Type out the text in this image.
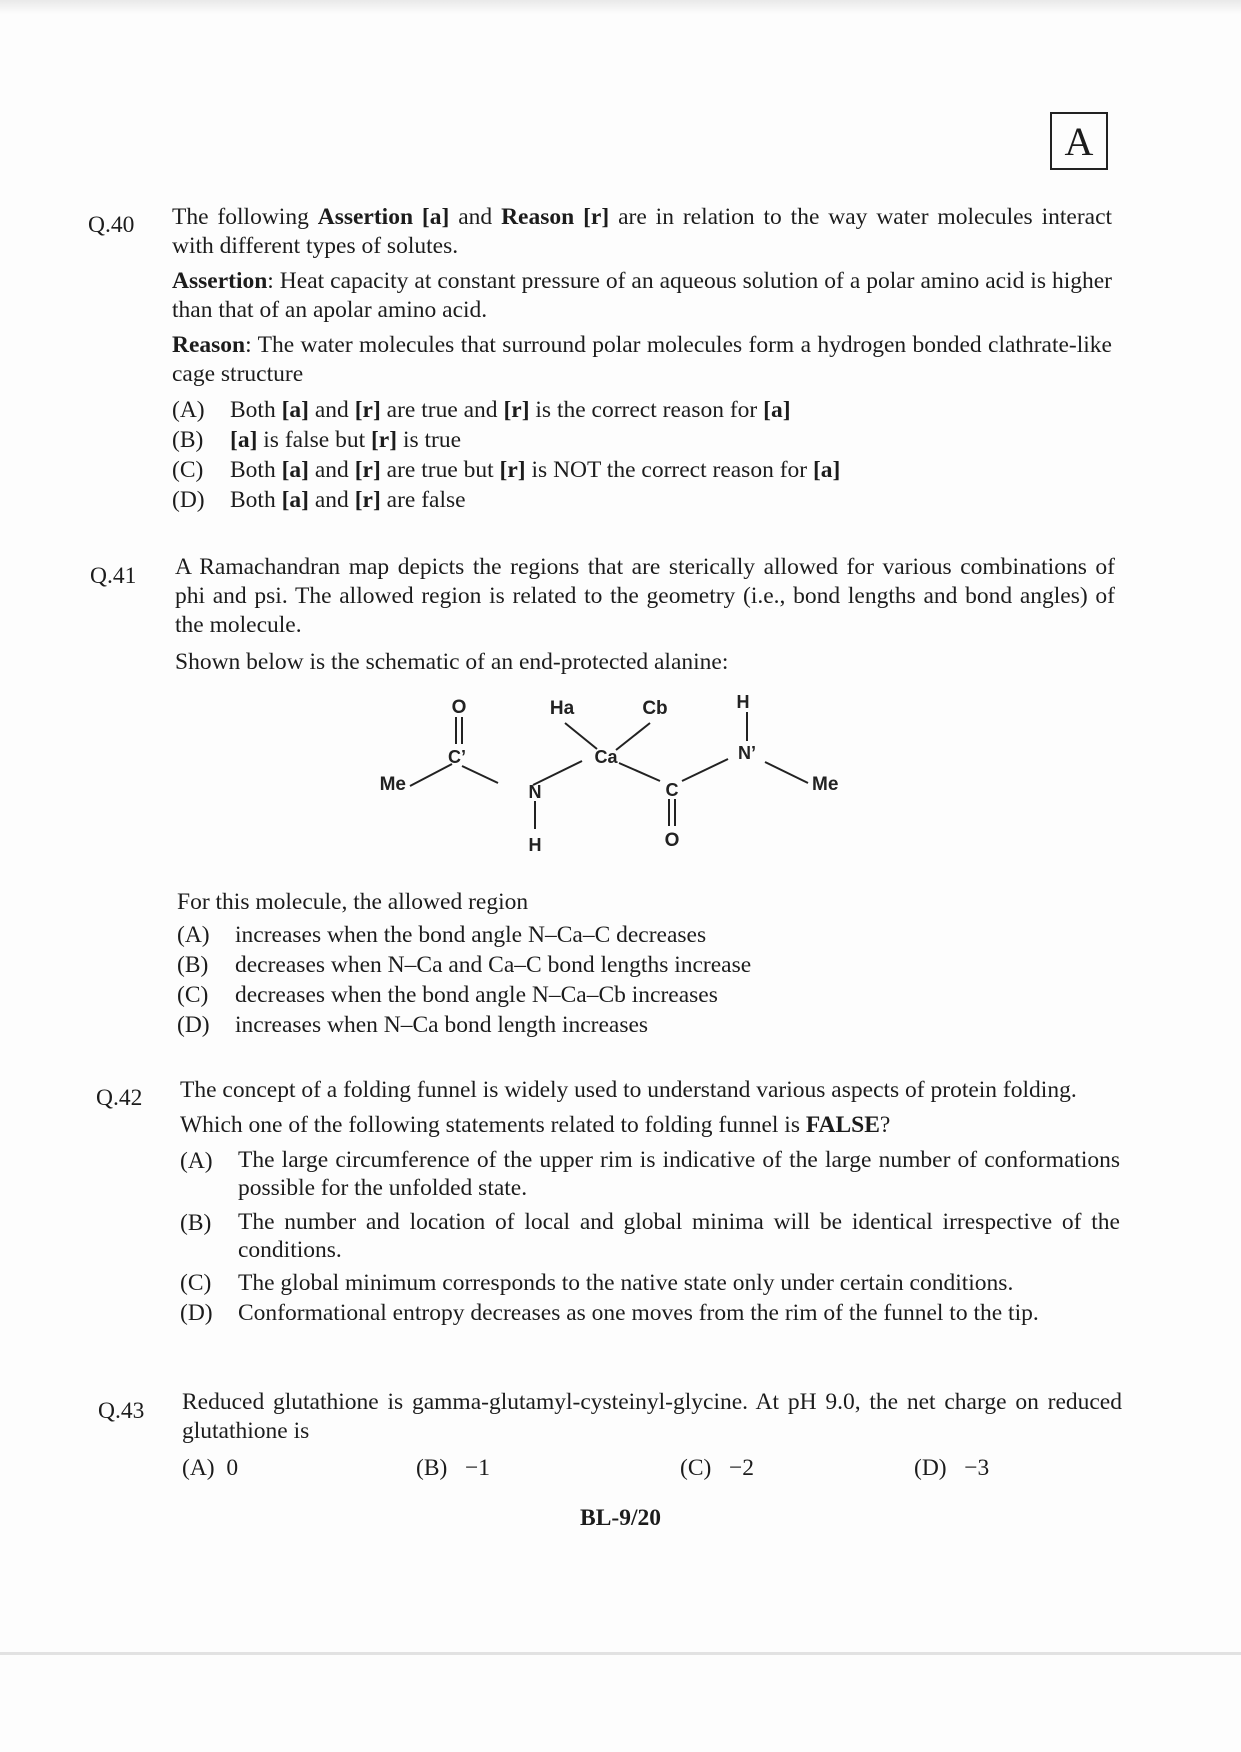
A
Q.40 The following Assertion [a] and Reason [r] are in relation to the way water molecules interact with different types of solutes.

Assertion: Heat capacity at constant pressure of an aqueous solution of a polar amino acid is higher than that of an apolar amino acid.

Reason: The water molecules that surround polar molecules form a hydrogen bonded clathrate-like cage structure

(A)	Both [a] and [r] are true and [r] is the correct reason for [a]
(B)	[a] is false but [r] is true
(C)	Both [a] and [r] are true but [r] is NOT the correct reason for [a]
(D)	Both [a] and [r] are false
Q.41 A Ramachandran map depicts the regions that are sterically allowed for various combinations of phi and psi. The allowed region is related to the geometry (i.e., bond lengths and bond angles) of the molecule.

Shown below is the schematic of an end-protected alanine:

Me
O
C’
N
H
Ha	Cb
Ca
C
O
H
N’
Me

For this molecule, the allowed region

(A)	increases when the bond angle N–Ca–C decreases
(B)	decreases when N–Ca and Ca–C bond lengths increase
(C)	decreases when the bond angle N–Ca–Cb increases
(D)	increases when N–Ca bond length increases
Q.42 The concept of a folding funnel is widely used to understand various aspects of protein folding.

Which one of the following statements related to folding funnel is FALSE?

(A)	The large circumference of the upper rim is indicative of the large number of conformations possible for the unfolded state.
(B)	The number and location of local and global minima will be identical irrespective of the conditions.
(C)	The global minimum corresponds to the native state only under certain conditions.
(D)	Conformational entropy decreases as one moves from the rim of the funnel to the tip.
Q.43 Reduced glutathione is gamma-glutamyl-cysteinyl-glycine. At pH 9.0, the net charge on reduced glutathione is

(A) 0	(B) −1	(C) −2	(D) −3
BL-9/20
